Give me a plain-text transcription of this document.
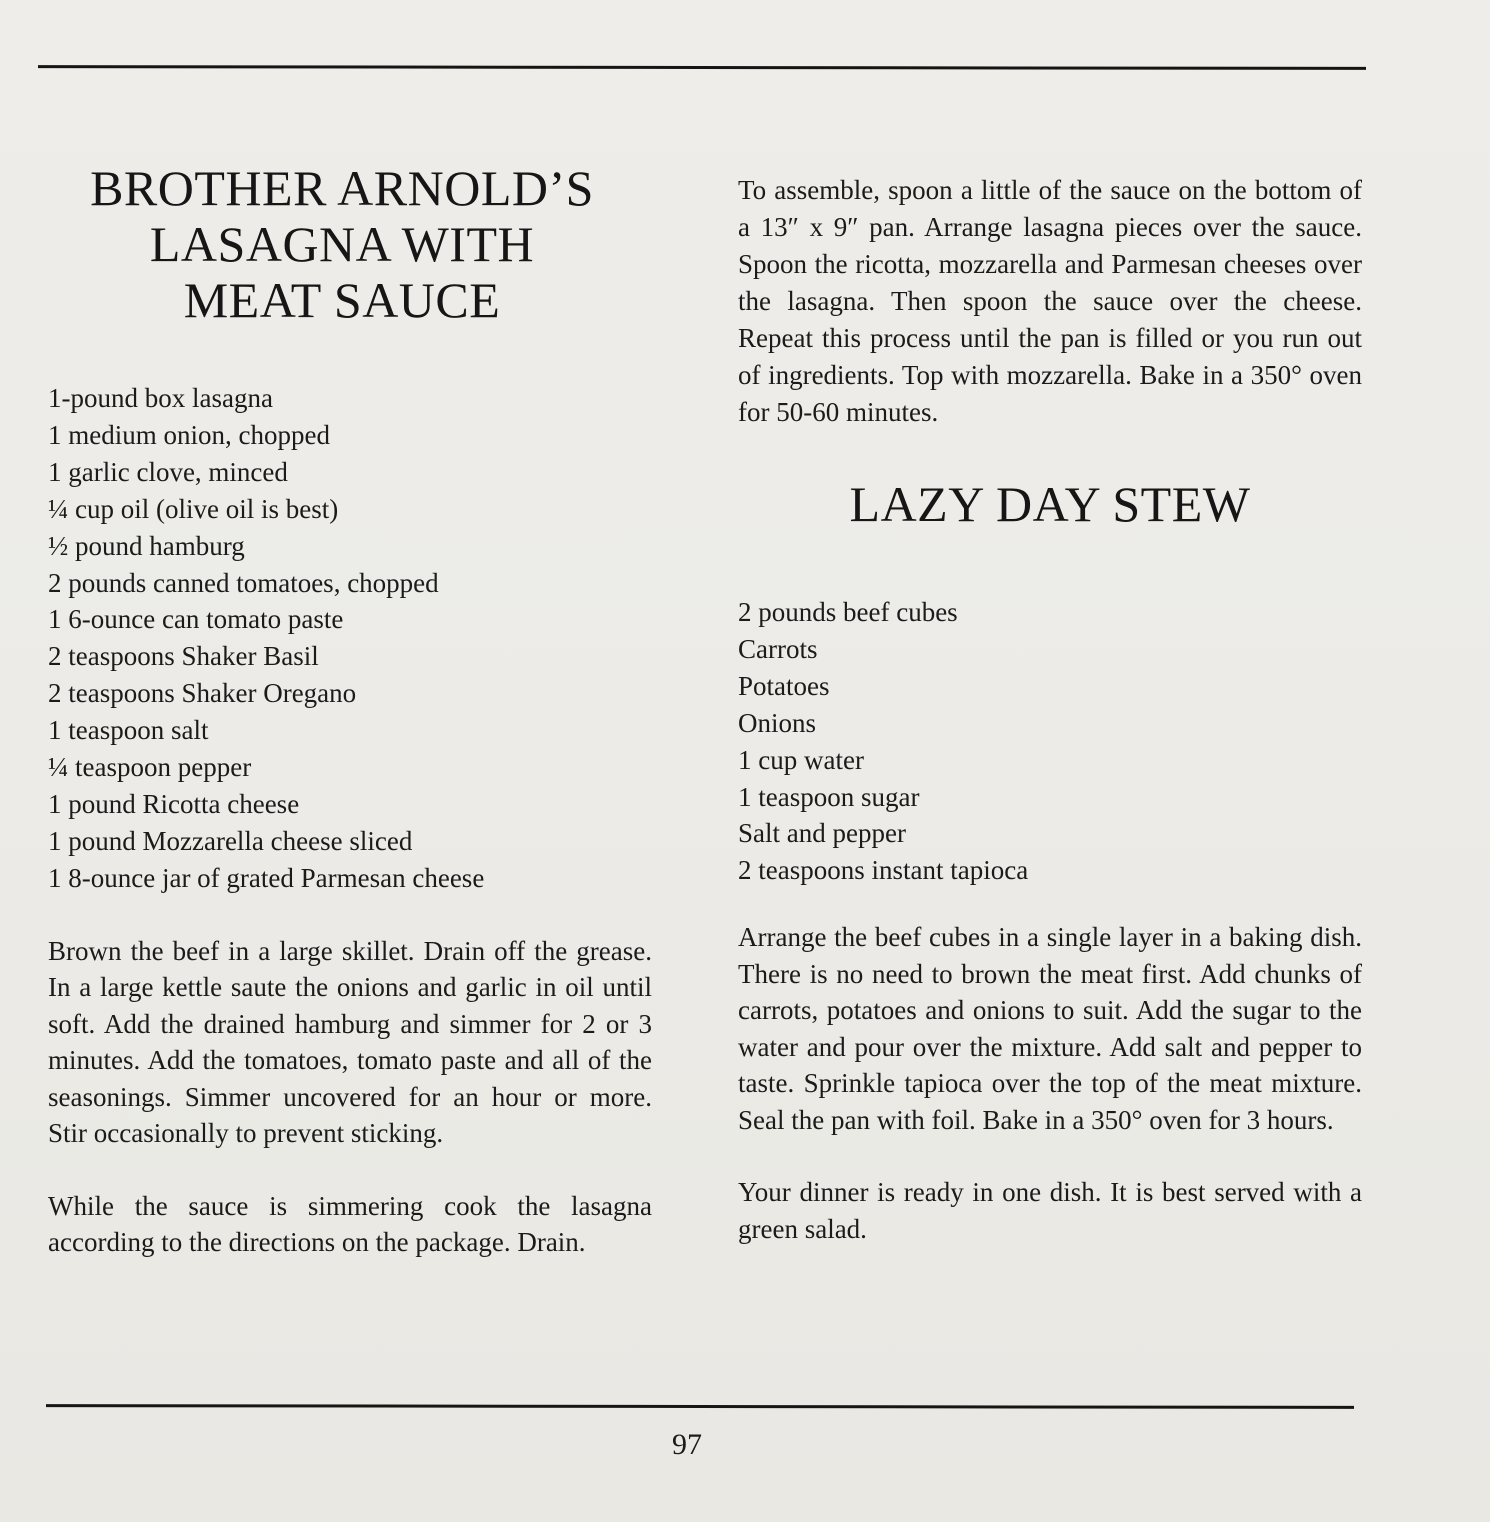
BROTHER ARNOLD’S
LASAGNA WITH
MEAT SAUCE
1-pound box lasagna
1 medium onion, chopped
1 garlic clove, minced
¼ cup oil (olive oil is best)
½ pound hamburg
2 pounds canned tomatoes, chopped
1 6-ounce can tomato paste
2 teaspoons Shaker Basil
2 teaspoons Shaker Oregano
1 teaspoon salt
¼ teaspoon pepper
1 pound Ricotta cheese
1 pound Mozzarella cheese sliced
1 8-ounce jar of grated Parmesan cheese

Brown the beef in a large skillet. Drain off the grease. In a large kettle saute the onions and garlic in oil until soft. Add the drained hamburg and simmer for 2 or 3 minutes. Add the tomatoes, tomato paste and all of the seasonings. Simmer uncovered for an hour or more. Stir occasionally to prevent sticking.

While the sauce is simmering cook the lasagna according to the directions on the package. Drain.

To assemble, spoon a little of the sauce on the bottom of a 13″ x 9″ pan. Arrange lasagna pieces over the sauce. Spoon the ricotta, mozzarella and Parmesan cheeses over the lasagna. Then spoon the sauce over the cheese. Repeat this process until the pan is filled or you run out of ingredients. Top with mozzarella. Bake in a 350° oven for 50-60 minutes.

LAZY DAY STEW
2 pounds beef cubes
Carrots
Potatoes
Onions
1 cup water
1 teaspoon sugar
Salt and pepper
2 teaspoons instant tapioca

Arrange the beef cubes in a single layer in a baking dish. There is no need to brown the meat first. Add chunks of carrots, potatoes and onions to suit. Add the sugar to the water and pour over the mixture. Add salt and pepper to taste. Sprinkle tapioca over the top of the meat mixture. Seal the pan with foil. Bake in a 350° oven for 3 hours.

Your dinner is ready in one dish. It is best served with a green salad.

97
